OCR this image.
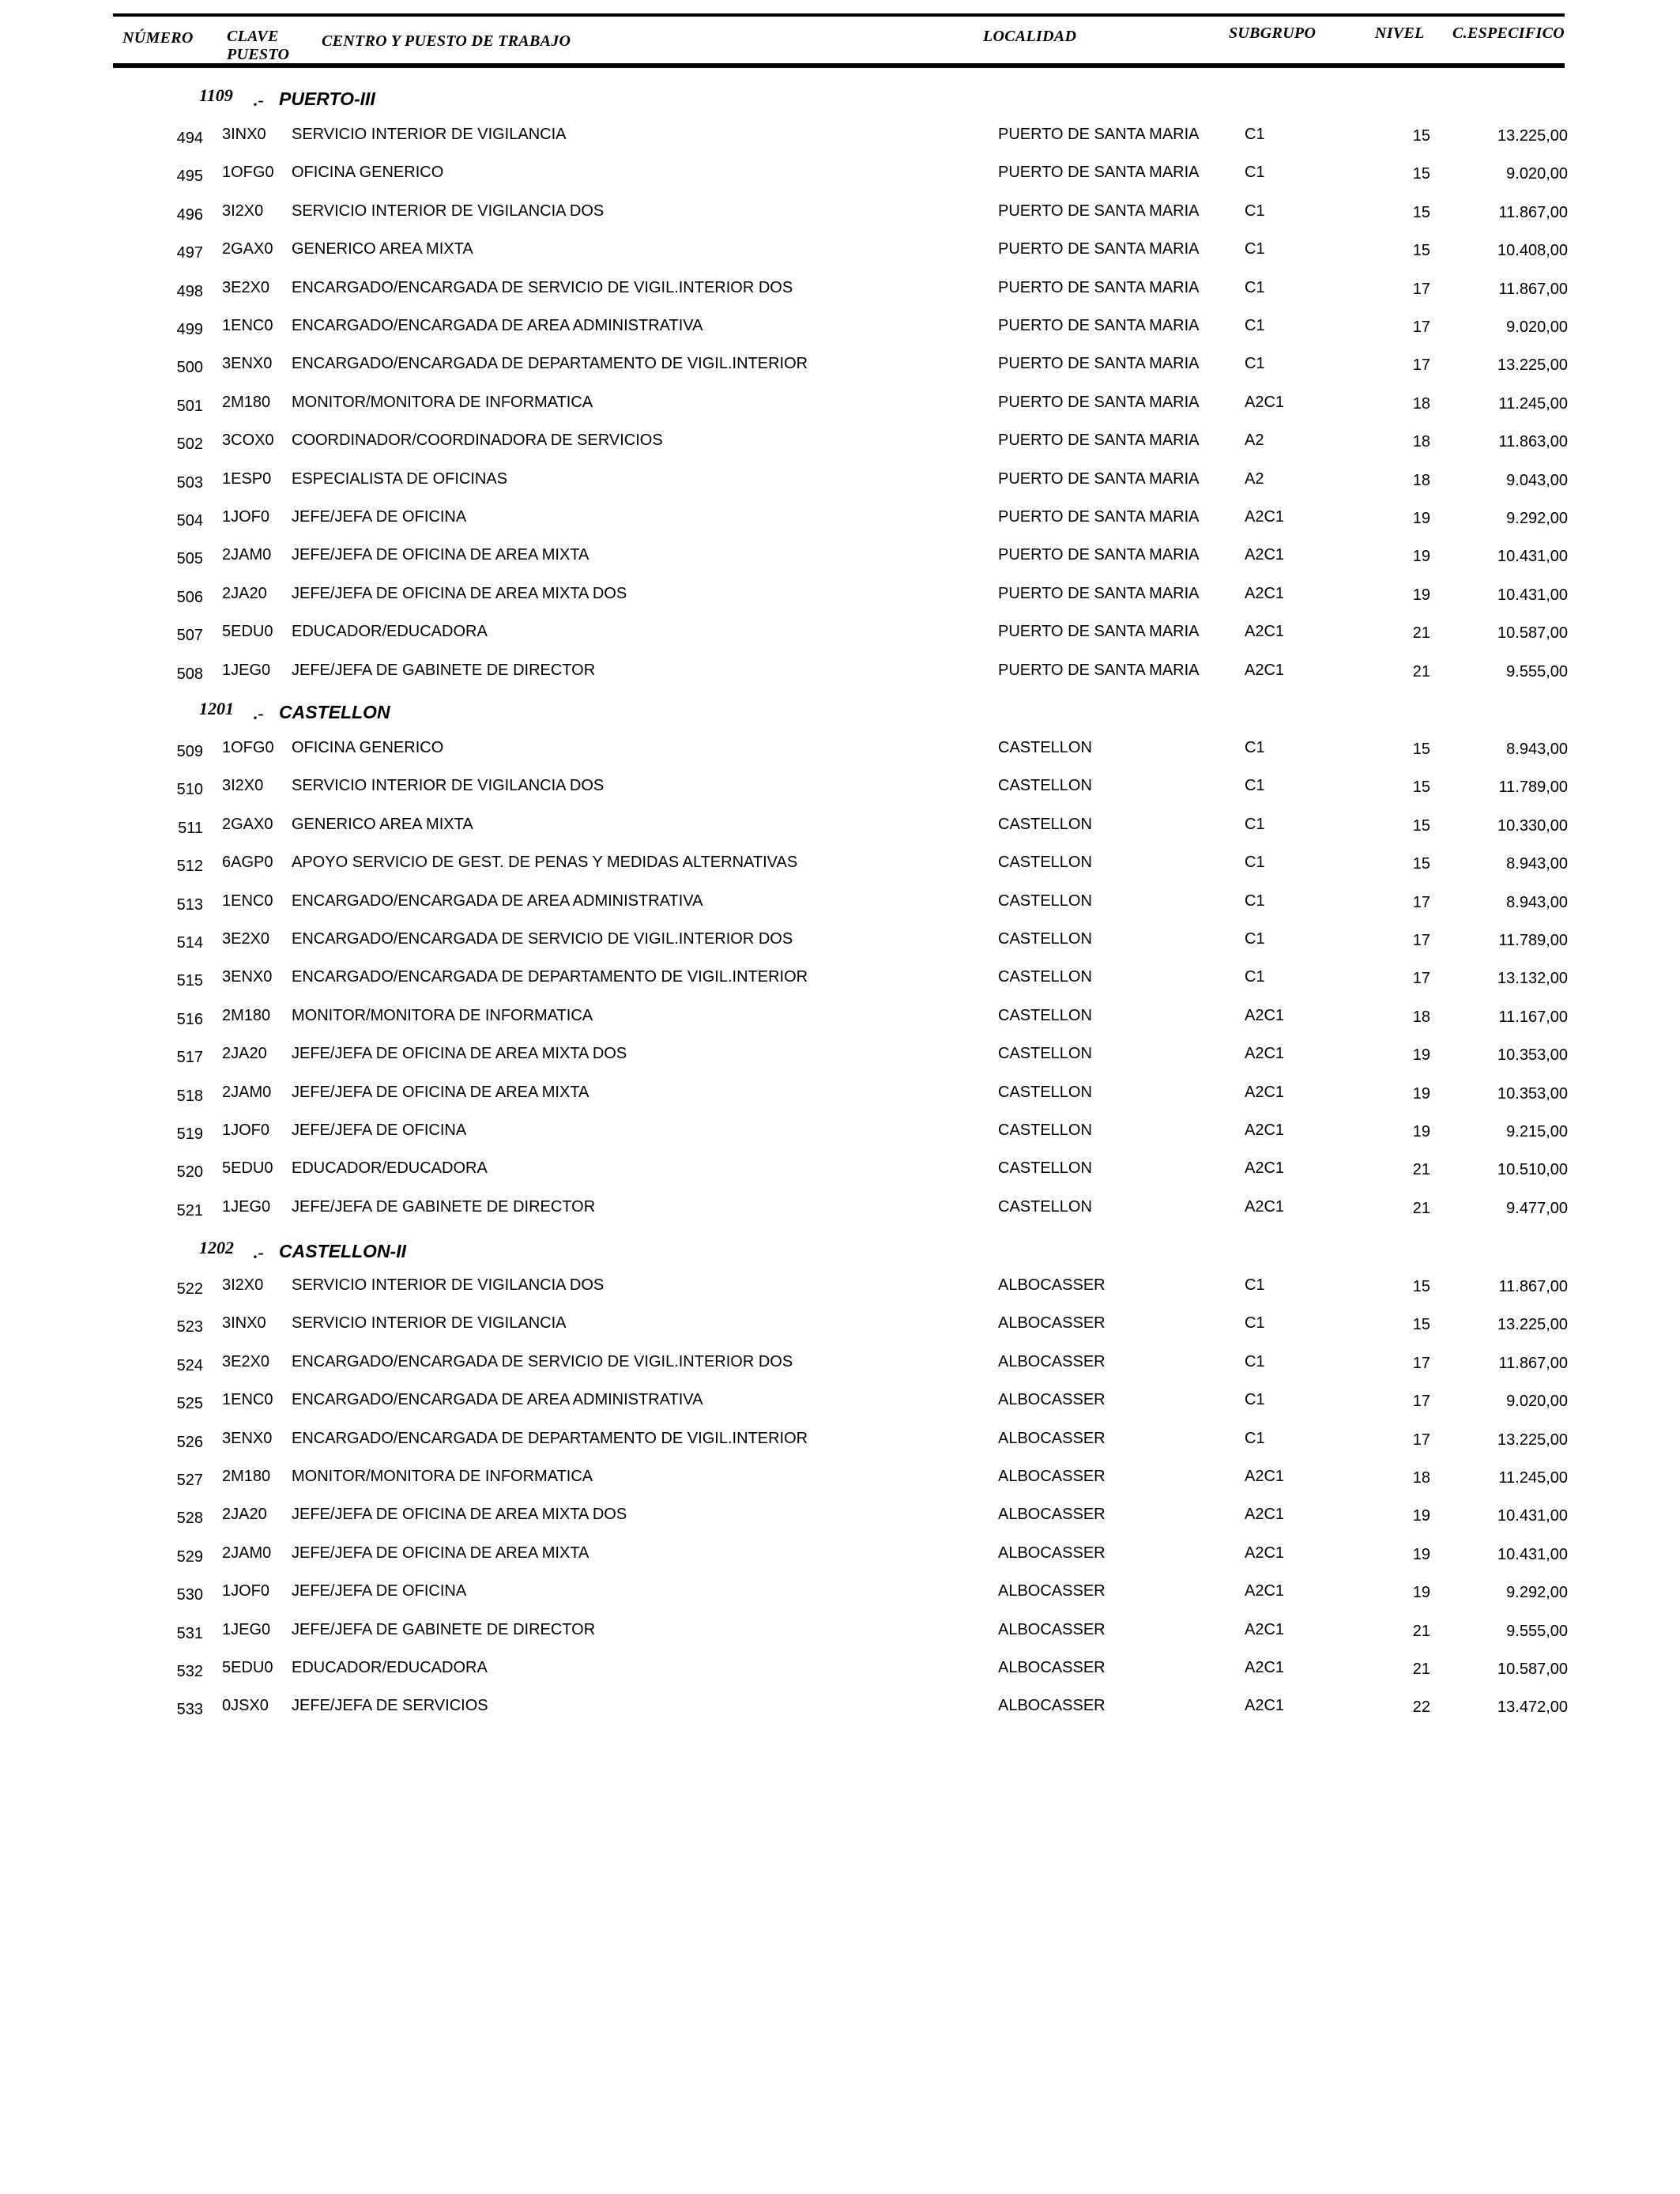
NÚMERO CLAVE
PUESTO
CENTRO Y PUESTO DE TRABAJO	LOCALIDAD	SUBGRUPO	NIVEL C.ESPECIFICO
1109 .- PUERTO-III
494 3INX0 SERVICIO INTERIOR DE VIGILANCIA	PUERTO DE SANTA MARIA	C1	15	13.225,00
495 1OFG0 OFICINA GENERICO	PUERTO DE SANTA MARIA	C1	15	9.020,00
496 3I2X0 SERVICIO INTERIOR DE VIGILANCIA DOS	PUERTO DE SANTA MARIA	C1	15	11.867,00
497 2GAX0 GENERICO AREA MIXTA	PUERTO DE SANTA MARIA	C1	15	10.408,00
498 3E2X0 ENCARGADO/ENCARGADA DE SERVICIO DE VIGIL.INTERIOR DOS	PUERTO DE SANTA MARIA	C1	17	11.867,00
499 1ENC0 ENCARGADO/ENCARGADA DE AREA ADMINISTRATIVA	PUERTO DE SANTA MARIA	C1	17	9.020,00
500 3ENX0 ENCARGADO/ENCARGADA DE DEPARTAMENTO DE VIGIL.INTERIOR	PUERTO DE SANTA MARIA	C1	17	13.225,00
501 2M180 MONITOR/MONITORA DE INFORMATICA	PUERTO DE SANTA MARIA	A2C1	18	11.245,00
502 3COX0 COORDINADOR/COORDINADORA DE SERVICIOS	PUERTO DE SANTA MARIA	A2	18	11.863,00
503 1ESP0 ESPECIALISTA DE OFICINAS	PUERTO DE SANTA MARIA	A2	18	9.043,00
504 1JOF0 JEFE/JEFA DE OFICINA	PUERTO DE SANTA MARIA	A2C1	19	9.292,00
505 2JAM0 JEFE/JEFA DE OFICINA DE AREA MIXTA	PUERTO DE SANTA MARIA	A2C1	19	10.431,00
506 2JA20 JEFE/JEFA DE OFICINA DE AREA MIXTA DOS	PUERTO DE SANTA MARIA	A2C1	19	10.431,00
507 5EDU0 EDUCADOR/EDUCADORA	PUERTO DE SANTA MARIA	A2C1	21	10.587,00
508 1JEG0 JEFE/JEFA DE GABINETE DE DIRECTOR	PUERTO DE SANTA MARIA	A2C1	21	9.555,00
1201 .- CASTELLON
509 1OFG0 OFICINA GENERICO	CASTELLON	C1	15	8.943,00
510 3I2X0 SERVICIO INTERIOR DE VIGILANCIA DOS	CASTELLON	C1	15	11.789,00
511 2GAX0 GENERICO AREA MIXTA	CASTELLON	C1	15	10.330,00
512 6AGP0 APOYO SERVICIO DE GEST. DE PENAS Y MEDIDAS ALTERNATIVAS	CASTELLON	C1	15	8.943,00
513 1ENC0 ENCARGADO/ENCARGADA DE AREA ADMINISTRATIVA	CASTELLON	C1	17	8.943,00
514 3E2X0 ENCARGADO/ENCARGADA DE SERVICIO DE VIGIL.INTERIOR DOS	CASTELLON	C1	17	11.789,00
515 3ENX0 ENCARGADO/ENCARGADA DE DEPARTAMENTO DE VIGIL.INTERIOR	CASTELLON	C1	17	13.132,00
516 2M180 MONITOR/MONITORA DE INFORMATICA	CASTELLON	A2C1	18	11.167,00
517 2JA20 JEFE/JEFA DE OFICINA DE AREA MIXTA DOS	CASTELLON	A2C1	19	10.353,00
518 2JAM0 JEFE/JEFA DE OFICINA DE AREA MIXTA	CASTELLON	A2C1	19	10.353,00
519 1JOF0 JEFE/JEFA DE OFICINA	CASTELLON	A2C1	19	9.215,00
520 5EDU0 EDUCADOR/EDUCADORA	CASTELLON	A2C1	21	10.510,00
521 1JEG0 JEFE/JEFA DE GABINETE DE DIRECTOR	CASTELLON	A2C1	21	9.477,00
1202 .- CASTELLON-II
522 3I2X0 SERVICIO INTERIOR DE VIGILANCIA DOS	ALBOCASSER	C1	15	11.867,00
523 3INX0 SERVICIO INTERIOR DE VIGILANCIA	ALBOCASSER	C1	15	13.225,00
524 3E2X0 ENCARGADO/ENCARGADA DE SERVICIO DE VIGIL.INTERIOR DOS	ALBOCASSER	C1	17	11.867,00
525 1ENC0 ENCARGADO/ENCARGADA DE AREA ADMINISTRATIVA	ALBOCASSER	C1	17	9.020,00
526 3ENX0 ENCARGADO/ENCARGADA DE DEPARTAMENTO DE VIGIL.INTERIOR	ALBOCASSER	C1	17	13.225,00
527 2M180 MONITOR/MONITORA DE INFORMATICA	ALBOCASSER	A2C1	18	11.245,00
528 2JA20 JEFE/JEFA DE OFICINA DE AREA MIXTA DOS	ALBOCASSER	A2C1	19	10.431,00
529 2JAM0 JEFE/JEFA DE OFICINA DE AREA MIXTA	ALBOCASSER	A2C1	19	10.431,00
530 1JOF0 JEFE/JEFA DE OFICINA	ALBOCASSER	A2C1	19	9.292,00
531 1JEG0 JEFE/JEFA DE GABINETE DE DIRECTOR	ALBOCASSER	A2C1	21	9.555,00
532 5EDU0 EDUCADOR/EDUCADORA	ALBOCASSER	A2C1	21	10.587,00
533 0JSX0 JEFE/JEFA DE SERVICIOS	ALBOCASSER	A2C1	22	13.472,00
